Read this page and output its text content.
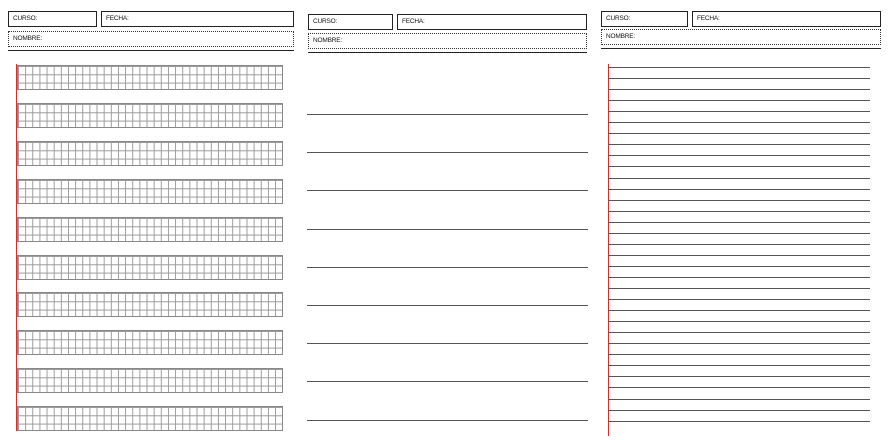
CURSO:	FECHA:
NOMBRE:
CURSO:	FECHA:
NOMBRE:
CURSO:	FECHA:
NOMBRE:
